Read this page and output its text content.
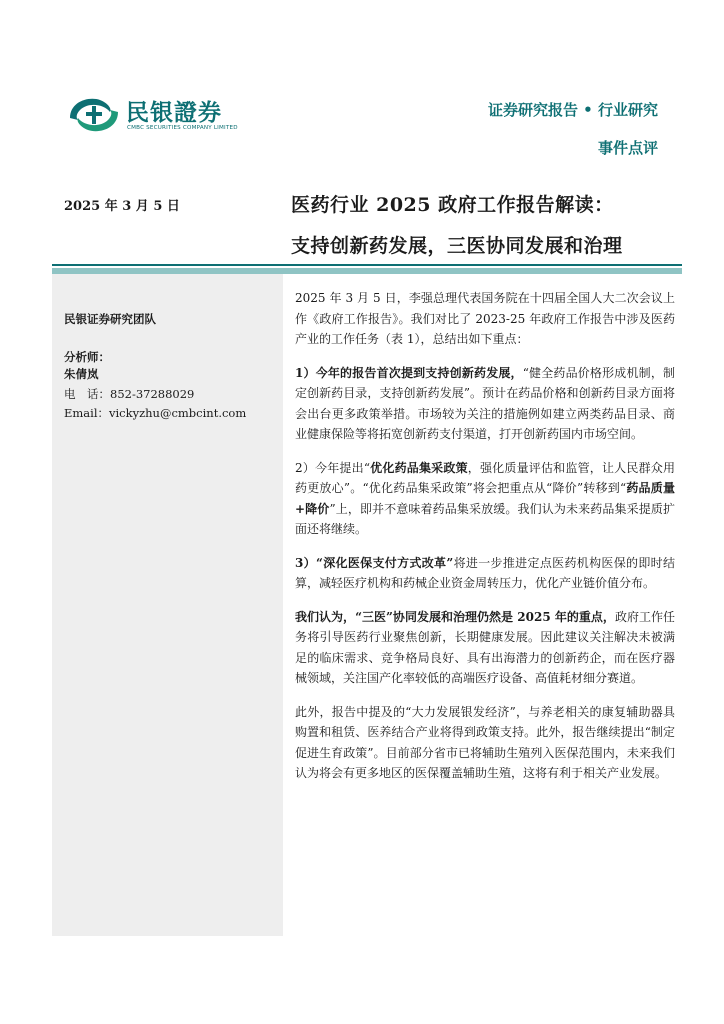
民银證券
CMBC SECURITIES COMPANY LIMITED
证券研究报告 • 行业研究
事件点评
2025 年 3 月 5 日	医药行业 2025 政府工作报告解读：
支持创新药发展，三医协同发展和治理
民银证券研究团队
分析师：
朱倩岚
电　话：852-37288029
Email：vickyzhu@cmbcint.com

2025 年 3 月 5 日，李强总理代表国务院在十四届全国人大二次会议上作《政府工作报告》。我们对比了 2023-25 年政府工作报告中涉及医药产业的工作任务（表 1），总结出如下重点：

1）今年的报告首次提到支持创新药发展，“健全药品价格形成机制，制定创新药目录，支持创新药发展”。预计在药品价格和创新药目录方面将会出台更多政策举措。市场较为关注的措施例如建立两类药品目录、商业健康保险等将拓宽创新药支付渠道，打开创新药国内市场空间。

2）今年提出“优化药品集采政策，强化质量评估和监管，让人民群众用药更放心”。“优化药品集采政策”将会把重点从“降价”转移到“药品质量+降价”上，即并不意味着药品集采放缓。我们认为未来药品集采提质扩面还将继续。

3）“深化医保支付方式改革”将进一步推进定点医药机构医保的即时结算，减轻医疗机构和药械企业资金周转压力，优化产业链价值分布。

我们认为，“三医”协同发展和治理仍然是 2025 年的重点，政府工作任务将引导医药行业聚焦创新，长期健康发展。因此建议关注解决未被满足的临床需求、竞争格局良好、具有出海潜力的创新药企，而在医疗器械领域，关注国产化率较低的高端医疗设备、高值耗材细分赛道。

此外，报告中提及的“大力发展银发经济”，与养老相关的康复辅助器具购置和租赁、医养结合产业将得到政策支持。此外，报告继续提出“制定促进生育政策”。目前部分省市已将辅助生殖列入医保范围内，未来我们认为将会有更多地区的医保覆盖辅助生殖，这将有利于相关产业发展。
